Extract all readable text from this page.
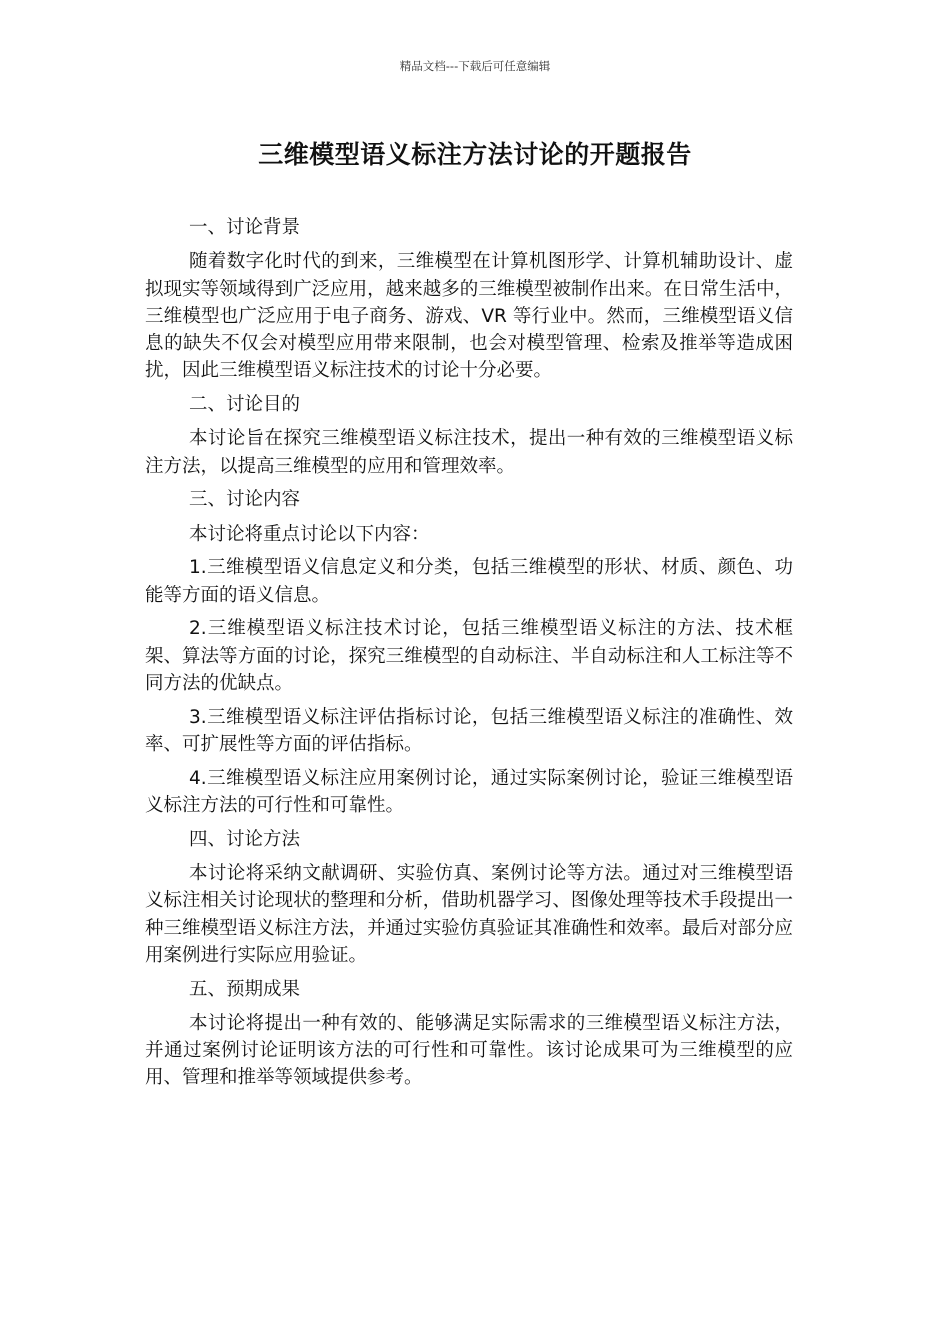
精品文档---下载后可任意编辑
三维模型语义标注方法讨论的开题报告

一、讨论背景

随着数字化时代的到来，三维模型在计算机图形学、计算机辅助设计、虚拟现实等领域得到广泛应用，越来越多的三维模型被制作出来。在日常生活中，三维模型也广泛应用于电子商务、游戏、VR 等行业中。然而，三维模型语义信息的缺失不仅会对模型应用带来限制，也会对模型管理、检索及推举等造成困扰，因此三维模型语义标注技术的讨论十分必要。

二、讨论目的

本讨论旨在探究三维模型语义标注技术，提出一种有效的三维模型语义标注方法，以提高三维模型的应用和管理效率。

三、讨论内容

本讨论将重点讨论以下内容：

1.三维模型语义信息定义和分类，包括三维模型的形状、材质、颜色、功能等方面的语义信息。

2.三维模型语义标注技术讨论，包括三维模型语义标注的方法、技术框架、算法等方面的讨论，探究三维模型的自动标注、半自动标注和人工标注等不同方法的优缺点。

3.三维模型语义标注评估指标讨论，包括三维模型语义标注的准确性、效率、可扩展性等方面的评估指标。

4.三维模型语义标注应用案例讨论，通过实际案例讨论，验证三维模型语义标注方法的可行性和可靠性。

四、讨论方法

本讨论将采纳文献调研、实验仿真、案例讨论等方法。通过对三维模型语义标注相关讨论现状的整理和分析，借助机器学习、图像处理等技术手段提出一种三维模型语义标注方法，并通过实验仿真验证其准确性和效率。最后对部分应用案例进行实际应用验证。

五、预期成果

本讨论将提出一种有效的、能够满足实际需求的三维模型语义标注方法，并通过案例讨论证明该方法的可行性和可靠性。该讨论成果可为三维模型的应用、管理和推举等领域提供参考。
